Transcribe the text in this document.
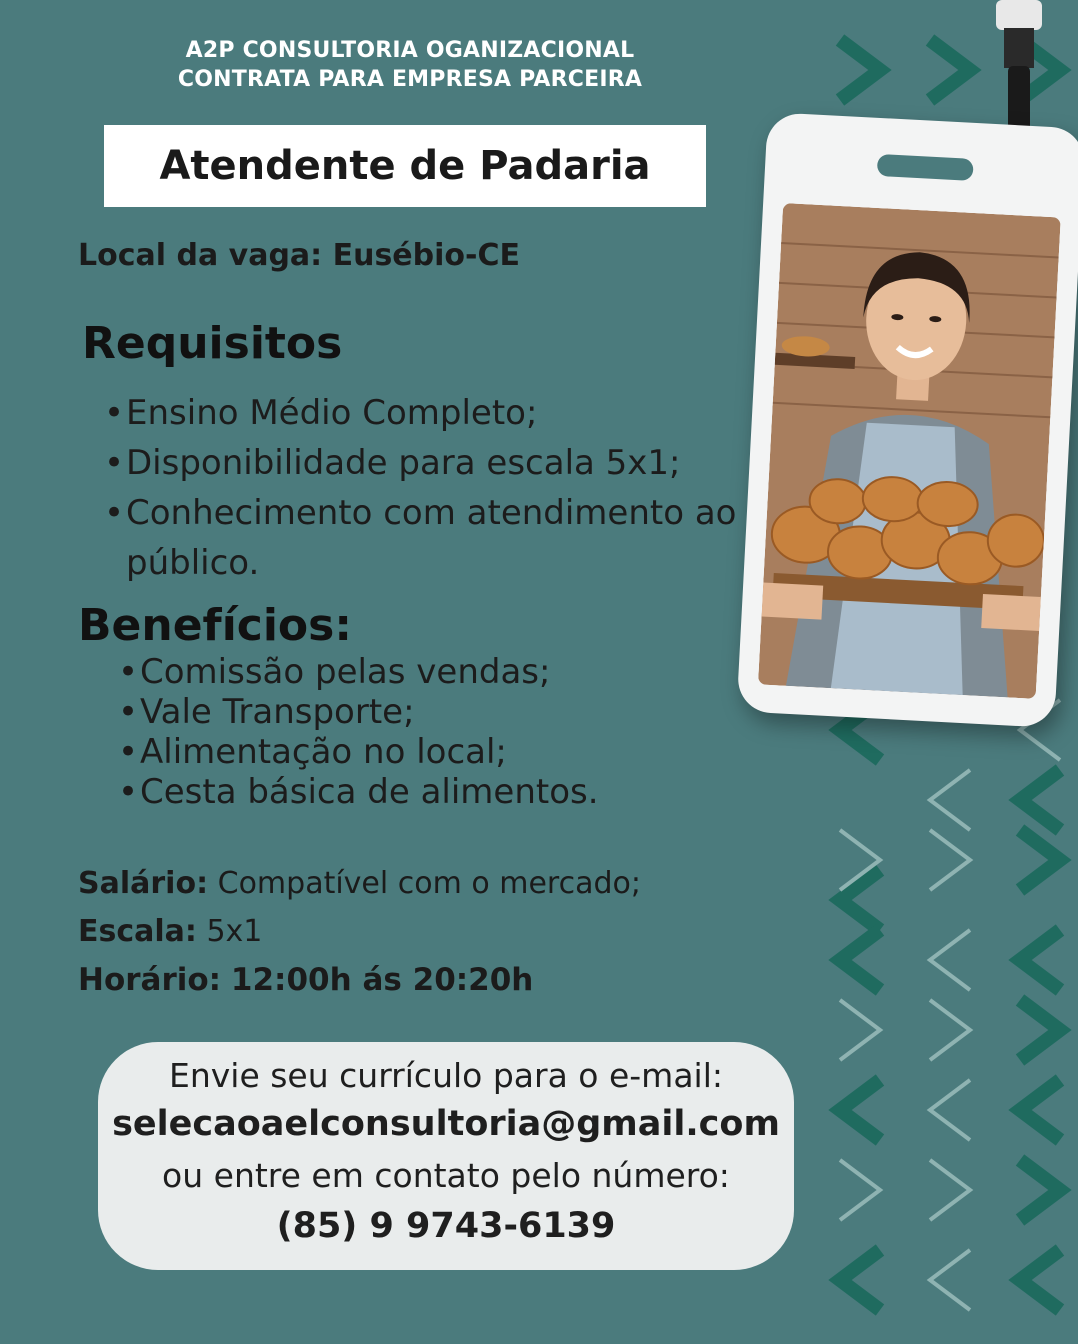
A2P CONSULTORIA OGANIZACIONAL
CONTRATA PARA EMPRESA PARCEIRA
Atendente de Padaria
Local da vaga: Eusébio-CE
Requisitos
• Ensino Médio Completo;
• Disponibilidade para escala 5x1;
• Conhecimento com atendimento ao público.
Benefícios:
• Comissão pelas vendas;
• Vale Transporte;
• Alimentação no local;
• Cesta básica de alimentos.
Salário: Compatível com o mercado;
Escala: 5x1
Horário: 12:00h ás 20:20h
Envie seu currículo para o e-mail:
selecaoaelconsultoria@gmail.com
ou entre em contato pelo número:
(85) 9 9743-6139
